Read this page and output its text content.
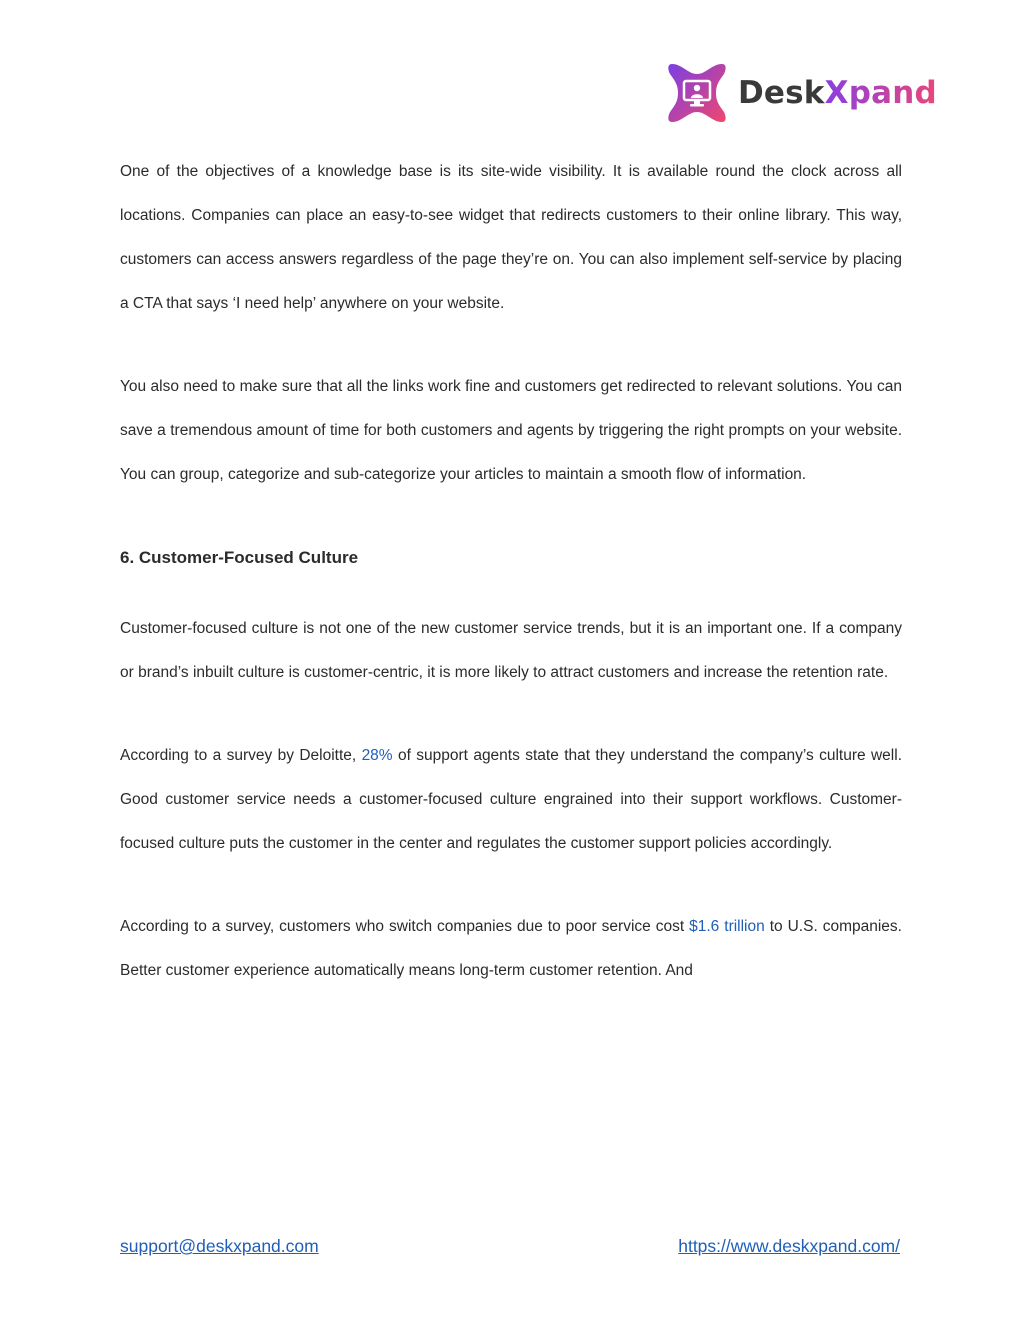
DeskXpand

One of the objectives of a knowledge base is its site-wide visibility. It is available round the clock across all locations. Companies can place an easy-to-see widget that redirects customers to their online library. This way, customers can access answers regardless of the page they’re on. You can also implement self-service by placing a CTA that says ‘I need help’ anywhere on your website.

You also need to make sure that all the links work fine and customers get redirected to relevant solutions. You can save a tremendous amount of time for both customers and agents by triggering the right prompts on your website. You can group, categorize and sub-categorize your articles to maintain a smooth flow of information.

6. Customer-Focused Culture

Customer-focused culture is not one of the new customer service trends, but it is an important one. If a company or brand’s inbuilt culture is customer-centric, it is more likely to attract customers and increase the retention rate.

According to a survey by Deloitte, 28% of support agents state that they understand the company’s culture well. Good customer service needs a customer-focused culture engrained into their support workflows. Customer-focused culture puts the customer in the center and regulates the customer support policies accordingly.

According to a survey, customers who switch companies due to poor service cost $1.6 trillion to U.S. companies. Better customer experience automatically means long-term customer retention. And

support@deskxpand.com	https://www.deskxpand.com/
